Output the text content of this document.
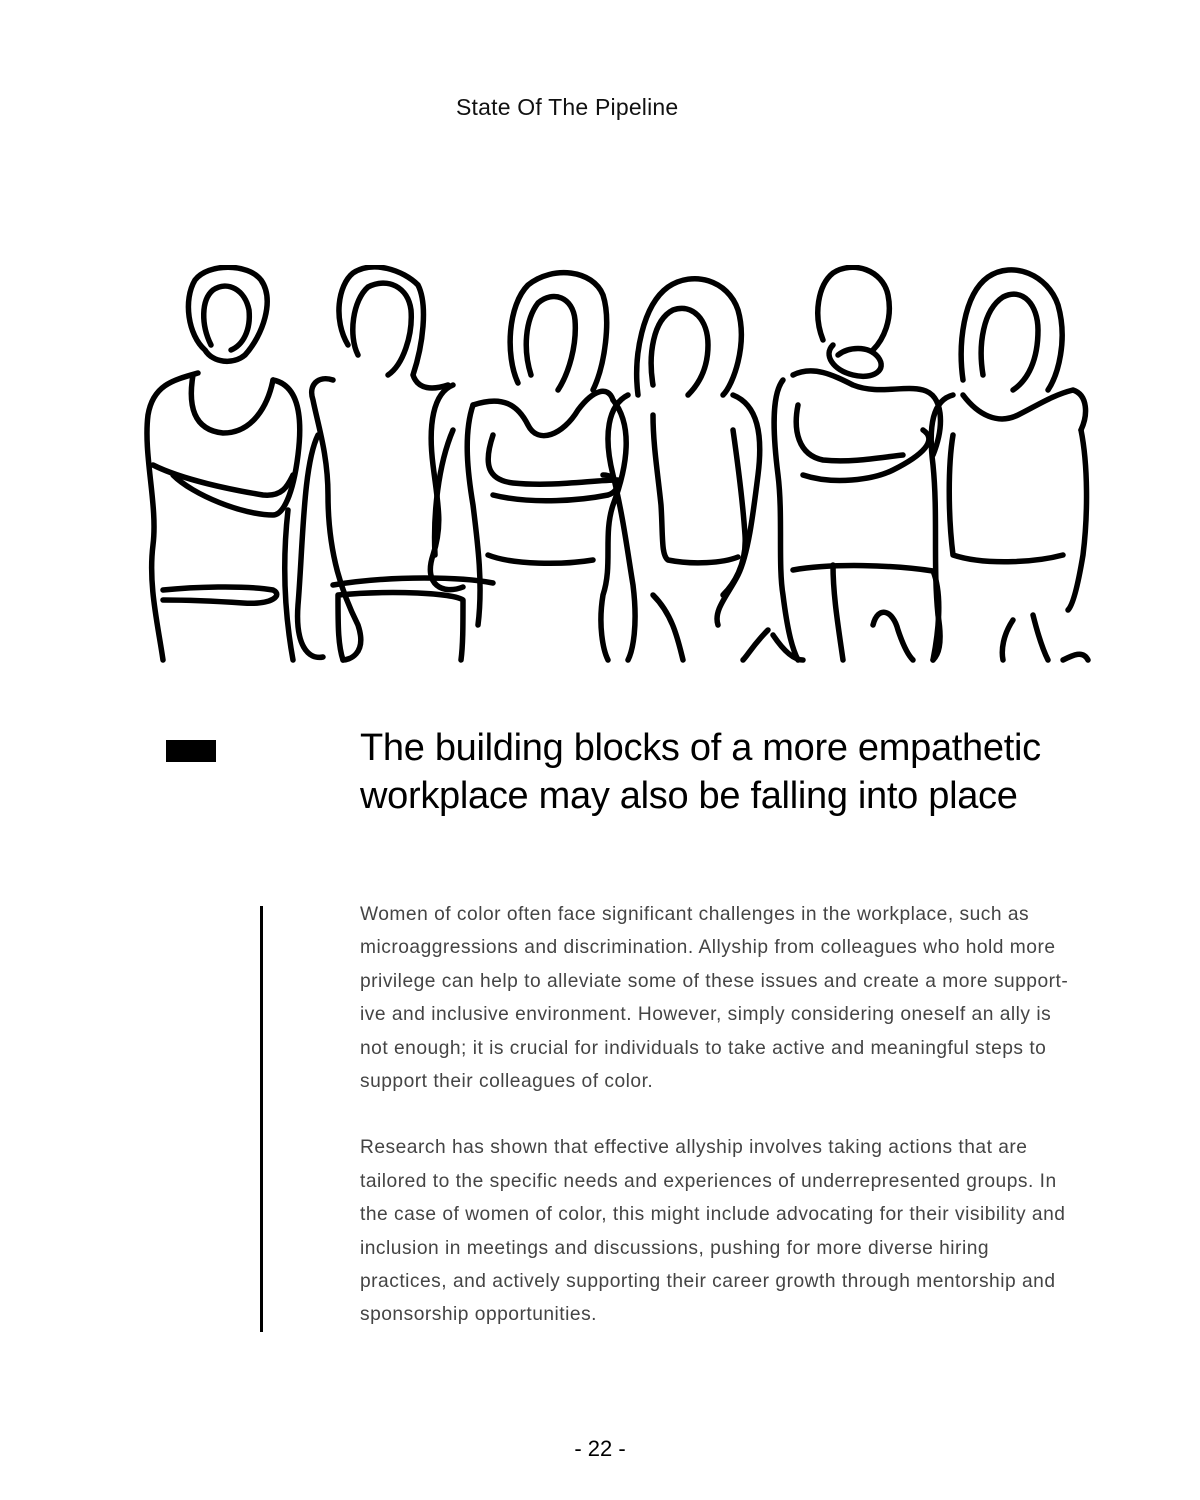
State Of The Pipeline
The building blocks of a more empathetic
workplace may also be falling into place

Women of color often face significant challenges in the workplace, such as
microaggressions and discrimination. Allyship from colleagues who hold more
privilege can help to alleviate some of these issues and create a more support-
ive and inclusive environment. However, simply considering oneself an ally is
not enough; it is crucial for individuals to take active and meaningful steps to
support their colleagues of color.

Research has shown that effective allyship involves taking actions that are
tailored to the specific needs and experiences of underrepresented groups. In
the case of women of color, this might include advocating for their visibility and
inclusion in meetings and discussions, pushing for more diverse hiring
practices, and actively supporting their career growth through mentorship and
sponsorship opportunities.

- 22 -
